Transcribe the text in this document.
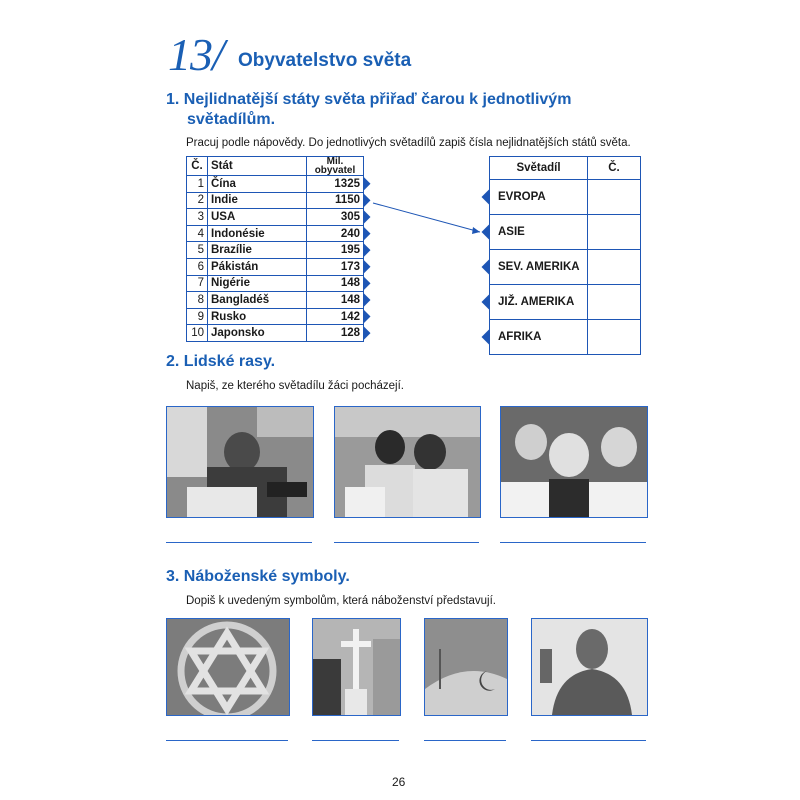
13/ Obyvatelstvo světa
1. Nejlidnatější státy světa přiřaď čarou k jednotlivým
světadílům.
Pracuj podle nápovědy. Do jednotlivých světadílů zapiš čísla nejlidnatějších států světa.
Č.	Stát	Mil.
obyvatel

1	Čína	1325
2	Indie	1150
3	USA	305
4	Indonésie	240
5	Brazílie	195
6	Pákistán	173
7	Nigérie	148
8	Bangladéš	148
9	Rusko	142
10	Japonsko	128
Světadíl	Č.
EVROPA	
ASIE	
SEV. AMERIKA	
JIŽ. AMERIKA	
AFRIKA	
2. Lidské rasy.
Napiš, ze kterého světadílu žáci pocházejí.
3. Náboženské symboly.
Dopiš k uvedeným symbolům, která náboženství představují.
26
